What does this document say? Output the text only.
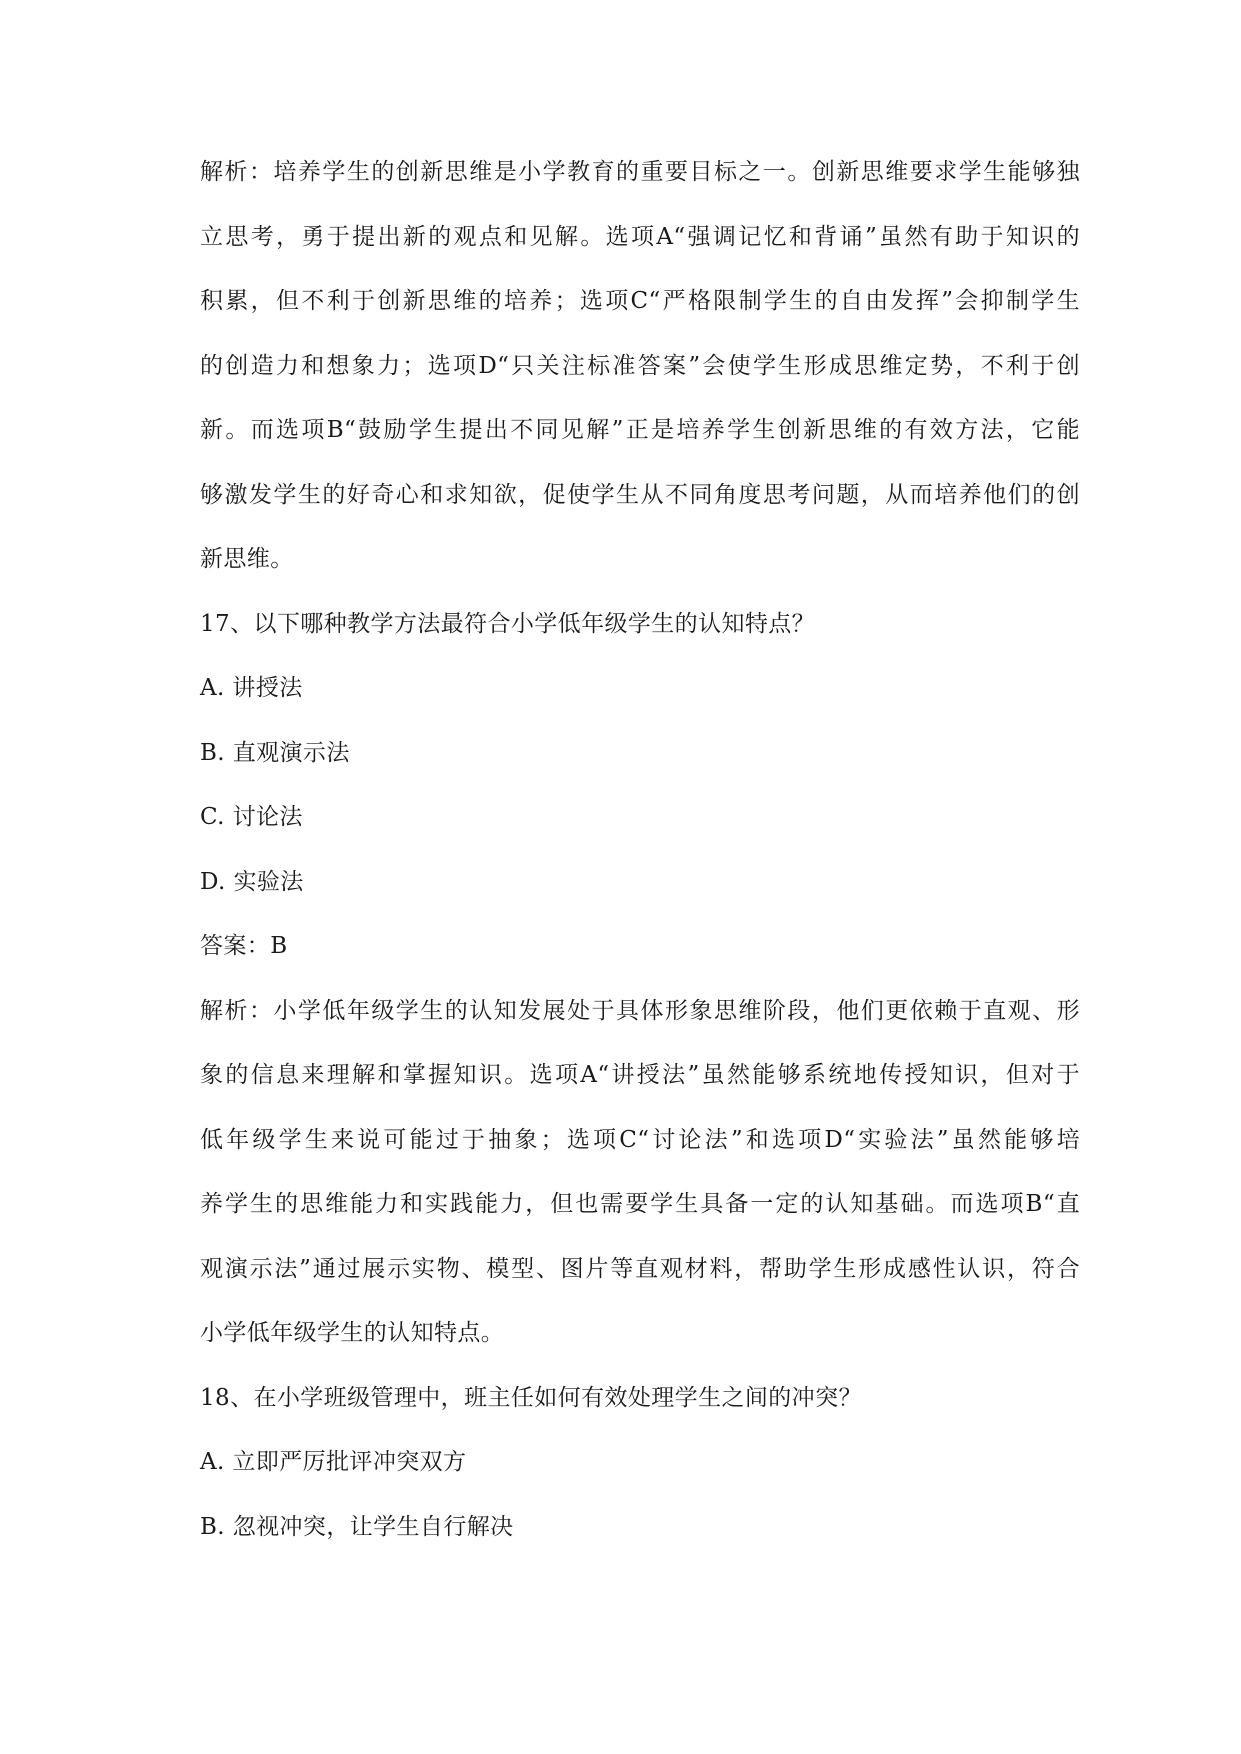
解析：培养学生的创新思维是小学教育的重要目标之一。创新思维要求学生能够独
立思考，勇于提出新的观点和见解。选项A“强调记忆和背诵”虽然有助于知识的
积累，但不利于创新思维的培养；选项C“严格限制学生的自由发挥”会抑制学生
的创造力和想象力；选项D“只关注标准答案”会使学生形成思维定势，不利于创
新。而选项B“鼓励学生提出不同见解”正是培养学生创新思维的有效方法，它能
够激发学生的好奇心和求知欲，促使学生从不同角度思考问题，从而培养他们的创
新思维。
17、以下哪种教学方法最符合小学低年级学生的认知特点？
A. 讲授法
B. 直观演示法
C. 讨论法
D. 实验法
答案：B
解析：小学低年级学生的认知发展处于具体形象思维阶段，他们更依赖于直观、形
象的信息来理解和掌握知识。选项A“讲授法”虽然能够系统地传授知识，但对于
低年级学生来说可能过于抽象；选项C“讨论法”和选项D“实验法”虽然能够培
养学生的思维能力和实践能力，但也需要学生具备一定的认知基础。而选项B“直
观演示法”通过展示实物、模型、图片等直观材料，帮助学生形成感性认识，符合
小学低年级学生的认知特点。
18、在小学班级管理中，班主任如何有效处理学生之间的冲突？
A. 立即严厉批评冲突双方
B. 忽视冲突，让学生自行解决
